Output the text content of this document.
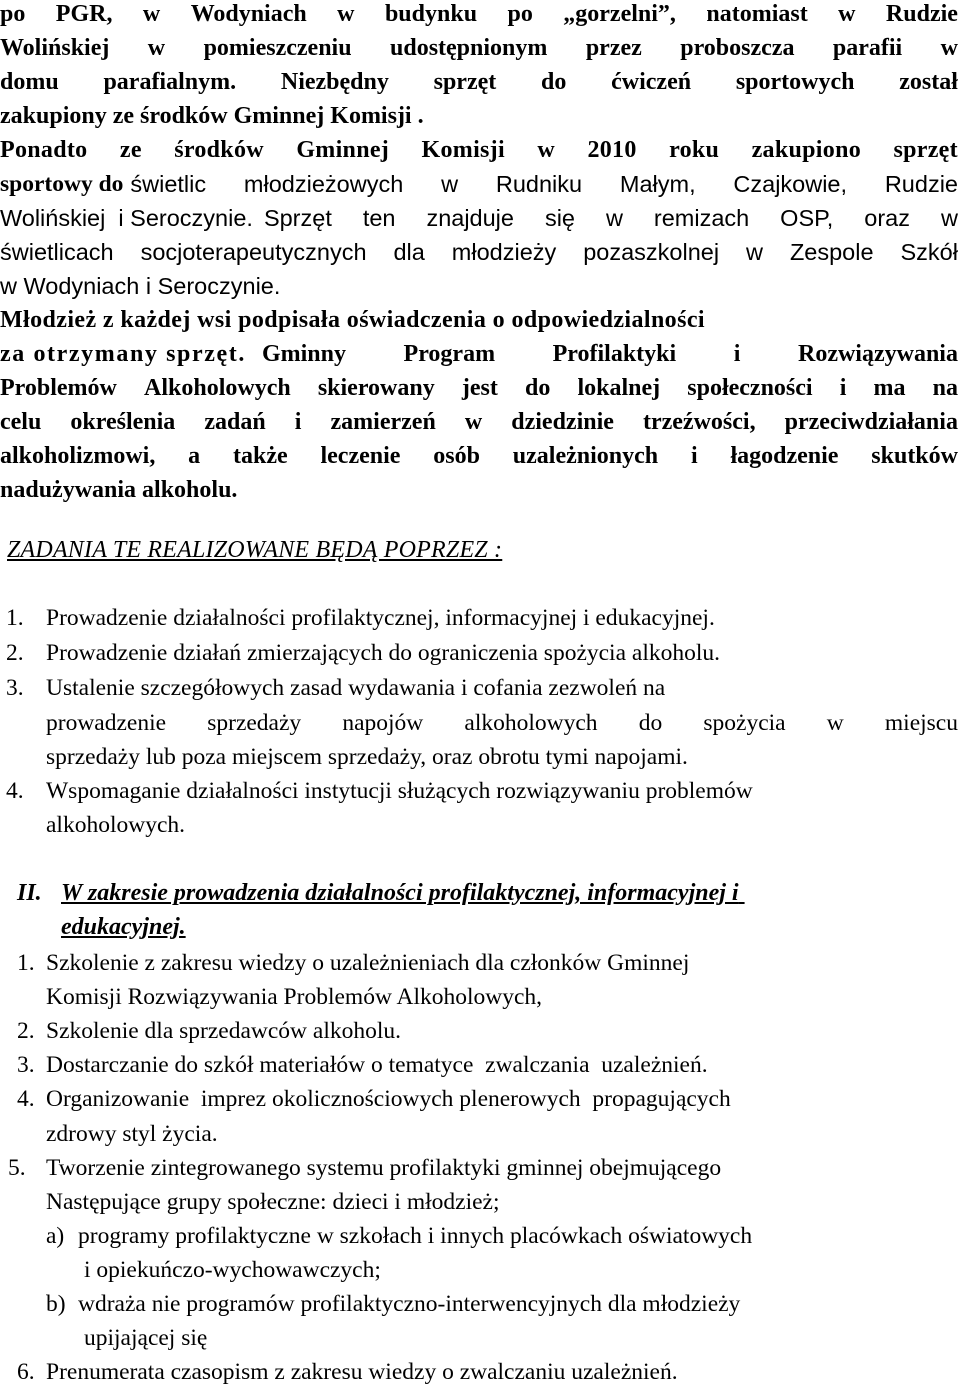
po PGR, w Wodyniach w budynku po „gorzelni”, natomiast w Rudzie
Wolińskiej w pomieszczeniu udostępnionym przez proboszcza parafii w
domu parafialnym. Niezbędny sprzęt do ćwiczeń sportowych został
zakupiony ze środków Gminnej Komisji .
Ponadto ze środków Gminnej Komisji w 2010 roku zakupiono sprzęt
sportowy do świetlic młodzieżowych w Rudniku Małym, Czajkowie, Rudzie
Wolińskiej  i Seroczynie. Sprzęt ten znajduje się w remizach OSP, oraz w
świetlicach socjoterapeutycznych dla młodzieży pozaszkolnej w Zespole Szkół
w Wodyniach i Seroczynie.
Młodzież z każdej wsi podpisała oświadczenia o odpowiedzialności
za otrzymany sprzęt. Gminny Program Profilaktyki i Rozwiązywania
Problemów Alkoholowych skierowany jest do lokalnej społeczności i ma na
celu określenia zadań i zamierzeń w dziedzinie trzeźwości, przeciwdziałania
alkoholizmowi, a także leczenie osób uzależnionych i łagodzenie skutków
nadużywania alkoholu.
ZADANIA TE REALIZOWANE BĘDĄ POPRZEZ :
1. Prowadzenie działalności profilaktycznej, informacyjnej i edukacyjnej.
2. Prowadzenie działań zmierzających do ograniczenia spożycia alkoholu.
3. Ustalenie szczegółowych zasad wydawania i cofania zezwoleń na
prowadzenie sprzedaży napojów alkoholowych do spożycia w miejscu
sprzedaży lub poza miejscem sprzedaży, oraz obrotu tymi napojami.
4. Wspomaganie działalności instytucji służących rozwiązywaniu problemów
alkoholowych.
II. W zakresie prowadzenia działalności profilaktycznej, informacyjnej i
edukacyjnej.
1. Szkolenie z zakresu wiedzy o uzależnieniach dla członków Gminnej
Komisji Rozwiązywania Problemów Alkoholowych,
2. Szkolenie dla sprzedawców alkoholu.
3. Dostarczanie do szkół materiałów o tematyce  zwalczania  uzależnień.
4. Organizowanie  imprez okolicznościowych plenerowych  propagujących
zdrowy styl życia.
5. Tworzenie zintegrowanego systemu profilaktyki gminnej obejmującego
Następujące grupy społeczne: dzieci i młodzież;
a) programy profilaktyczne w szkołach i innych placówkach oświatowych
i opiekuńczo-wychowawczych;
b) wdraża nie programów profilaktyczno-interwencyjnych dla młodzieży
upijającej się
6. Prenumerata czasopism z zakresu wiedzy o zwalczaniu uzależnień.
